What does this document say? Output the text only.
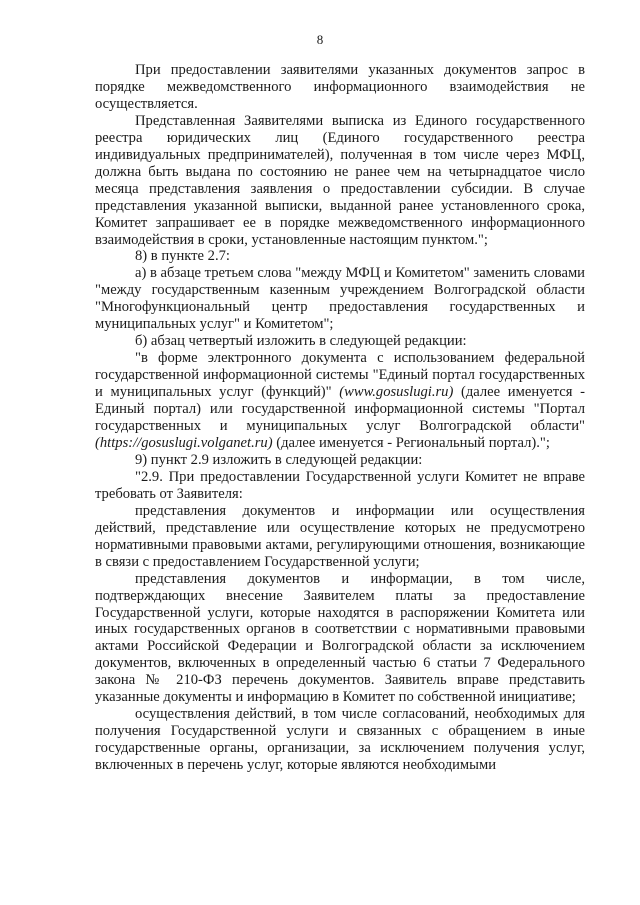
8

При предоставлении заявителями указанных документов запрос в порядке межведомственного информационного взаимодействия не осуществляется.

Представленная Заявителями выписка из Единого государственного реестра юридических лиц (Единого государственного реестра индивидуальных предпринимателей), полученная в том числе через МФЦ, должна быть выдана по состоянию не ранее чем на четырнадцатое число месяца представления заявления о предоставлении субсидии. В случае представления указанной выписки, выданной ранее установленного срока, Комитет запрашивает ее в порядке межведомственного информационного взаимодействия в сроки, установленные настоящим пунктом.";

8) в пункте 2.7:

а) в абзаце третьем слова "между МФЦ и Комитетом" заменить словами "между государственным казенным учреждением Волгоградской области "Многофункциональный центр предоставления государственных и муниципальных услуг" и Комитетом";

б) абзац четвертый изложить в следующей редакции:

"в форме электронного документа с использованием федеральной государственной информационной системы "Единый портал государственных и муниципальных услуг (функций)" (www.gosuslugi.ru) (далее именуется - Единый портал) или государственной информационной системы "Портал государственных и муниципальных услуг Волгоградской области" (https://gosuslugi.volganet.ru) (далее именуется - Региональный портал).";

9) пункт 2.9 изложить в следующей редакции:

"2.9. При предоставлении Государственной услуги Комитет не вправе требовать от Заявителя:

представления документов и информации или осуществления действий, представление или осуществление которых не предусмотрено нормативными правовыми актами, регулирующими отношения, возникающие в связи с предоставлением Государственной услуги;

представления документов и информации, в том числе, подтверждающих внесение Заявителем платы за предоставление Государственной услуги, которые находятся в распоряжении Комитета или иных государственных органов в соответствии с нормативными правовыми актами Российской Федерации и Волгоградской области за исключением документов, включенных в определенный частью 6 статьи 7 Федерального закона № 210-ФЗ перечень документов. Заявитель вправе представить указанные документы и информацию в Комитет по собственной инициативе;

осуществления действий, в том числе согласований, необходимых для получения Государственной услуги и связанных с обращением в иные государственные органы, организации, за исключением получения услуг, включенных в перечень услуг, которые являются необходимыми
